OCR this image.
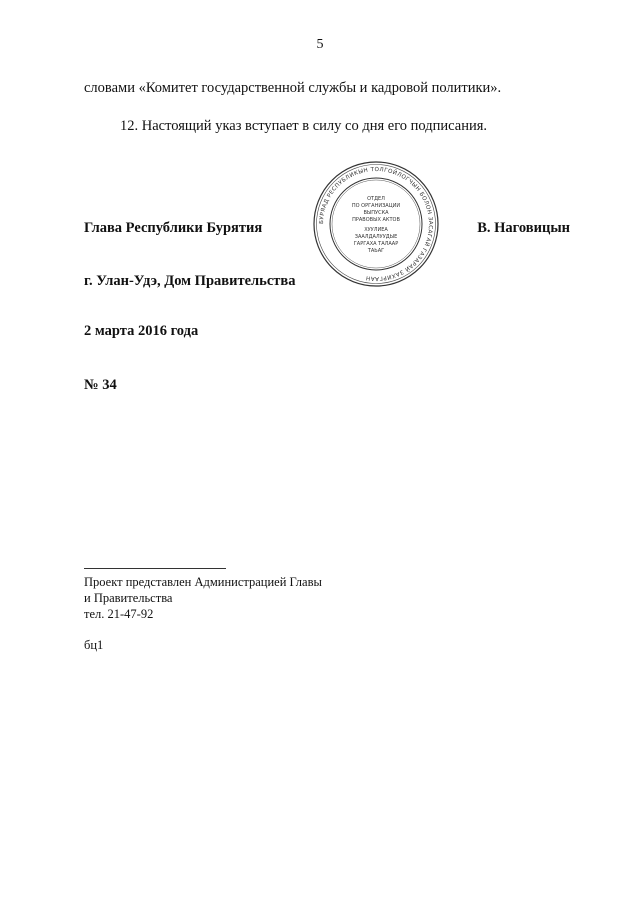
5
словами «Комитет государственной службы и кадровой политики».
12. Настоящий указ вступает в силу со дня его подписания.
Глава Республики Бурятия	В. Наговицын
БУРЯАД РЕСПУБЛИКЫН ТОЛГОЙЛОГЧЫН БОЛОН ЗАСАГАЙ ГАЗАРАЙ ЗАХИРГААН
ОТДЕЛ
ПО ОРГАНИЗАЦИИ
ВЫПУСКА
ПРАВОВЫХ АКТОВ
ХУУЛИЕА
ЗААЛДАЛУУДЫЕ
ГАРГАХА ТАЛААР
ТАЬАГ
г. Улан-Удэ, Дом Правительства
2 марта 2016 года
№ 34
Проект представлен Администрацией Главы
и Правительства
тел. 21-47-92
бц1
